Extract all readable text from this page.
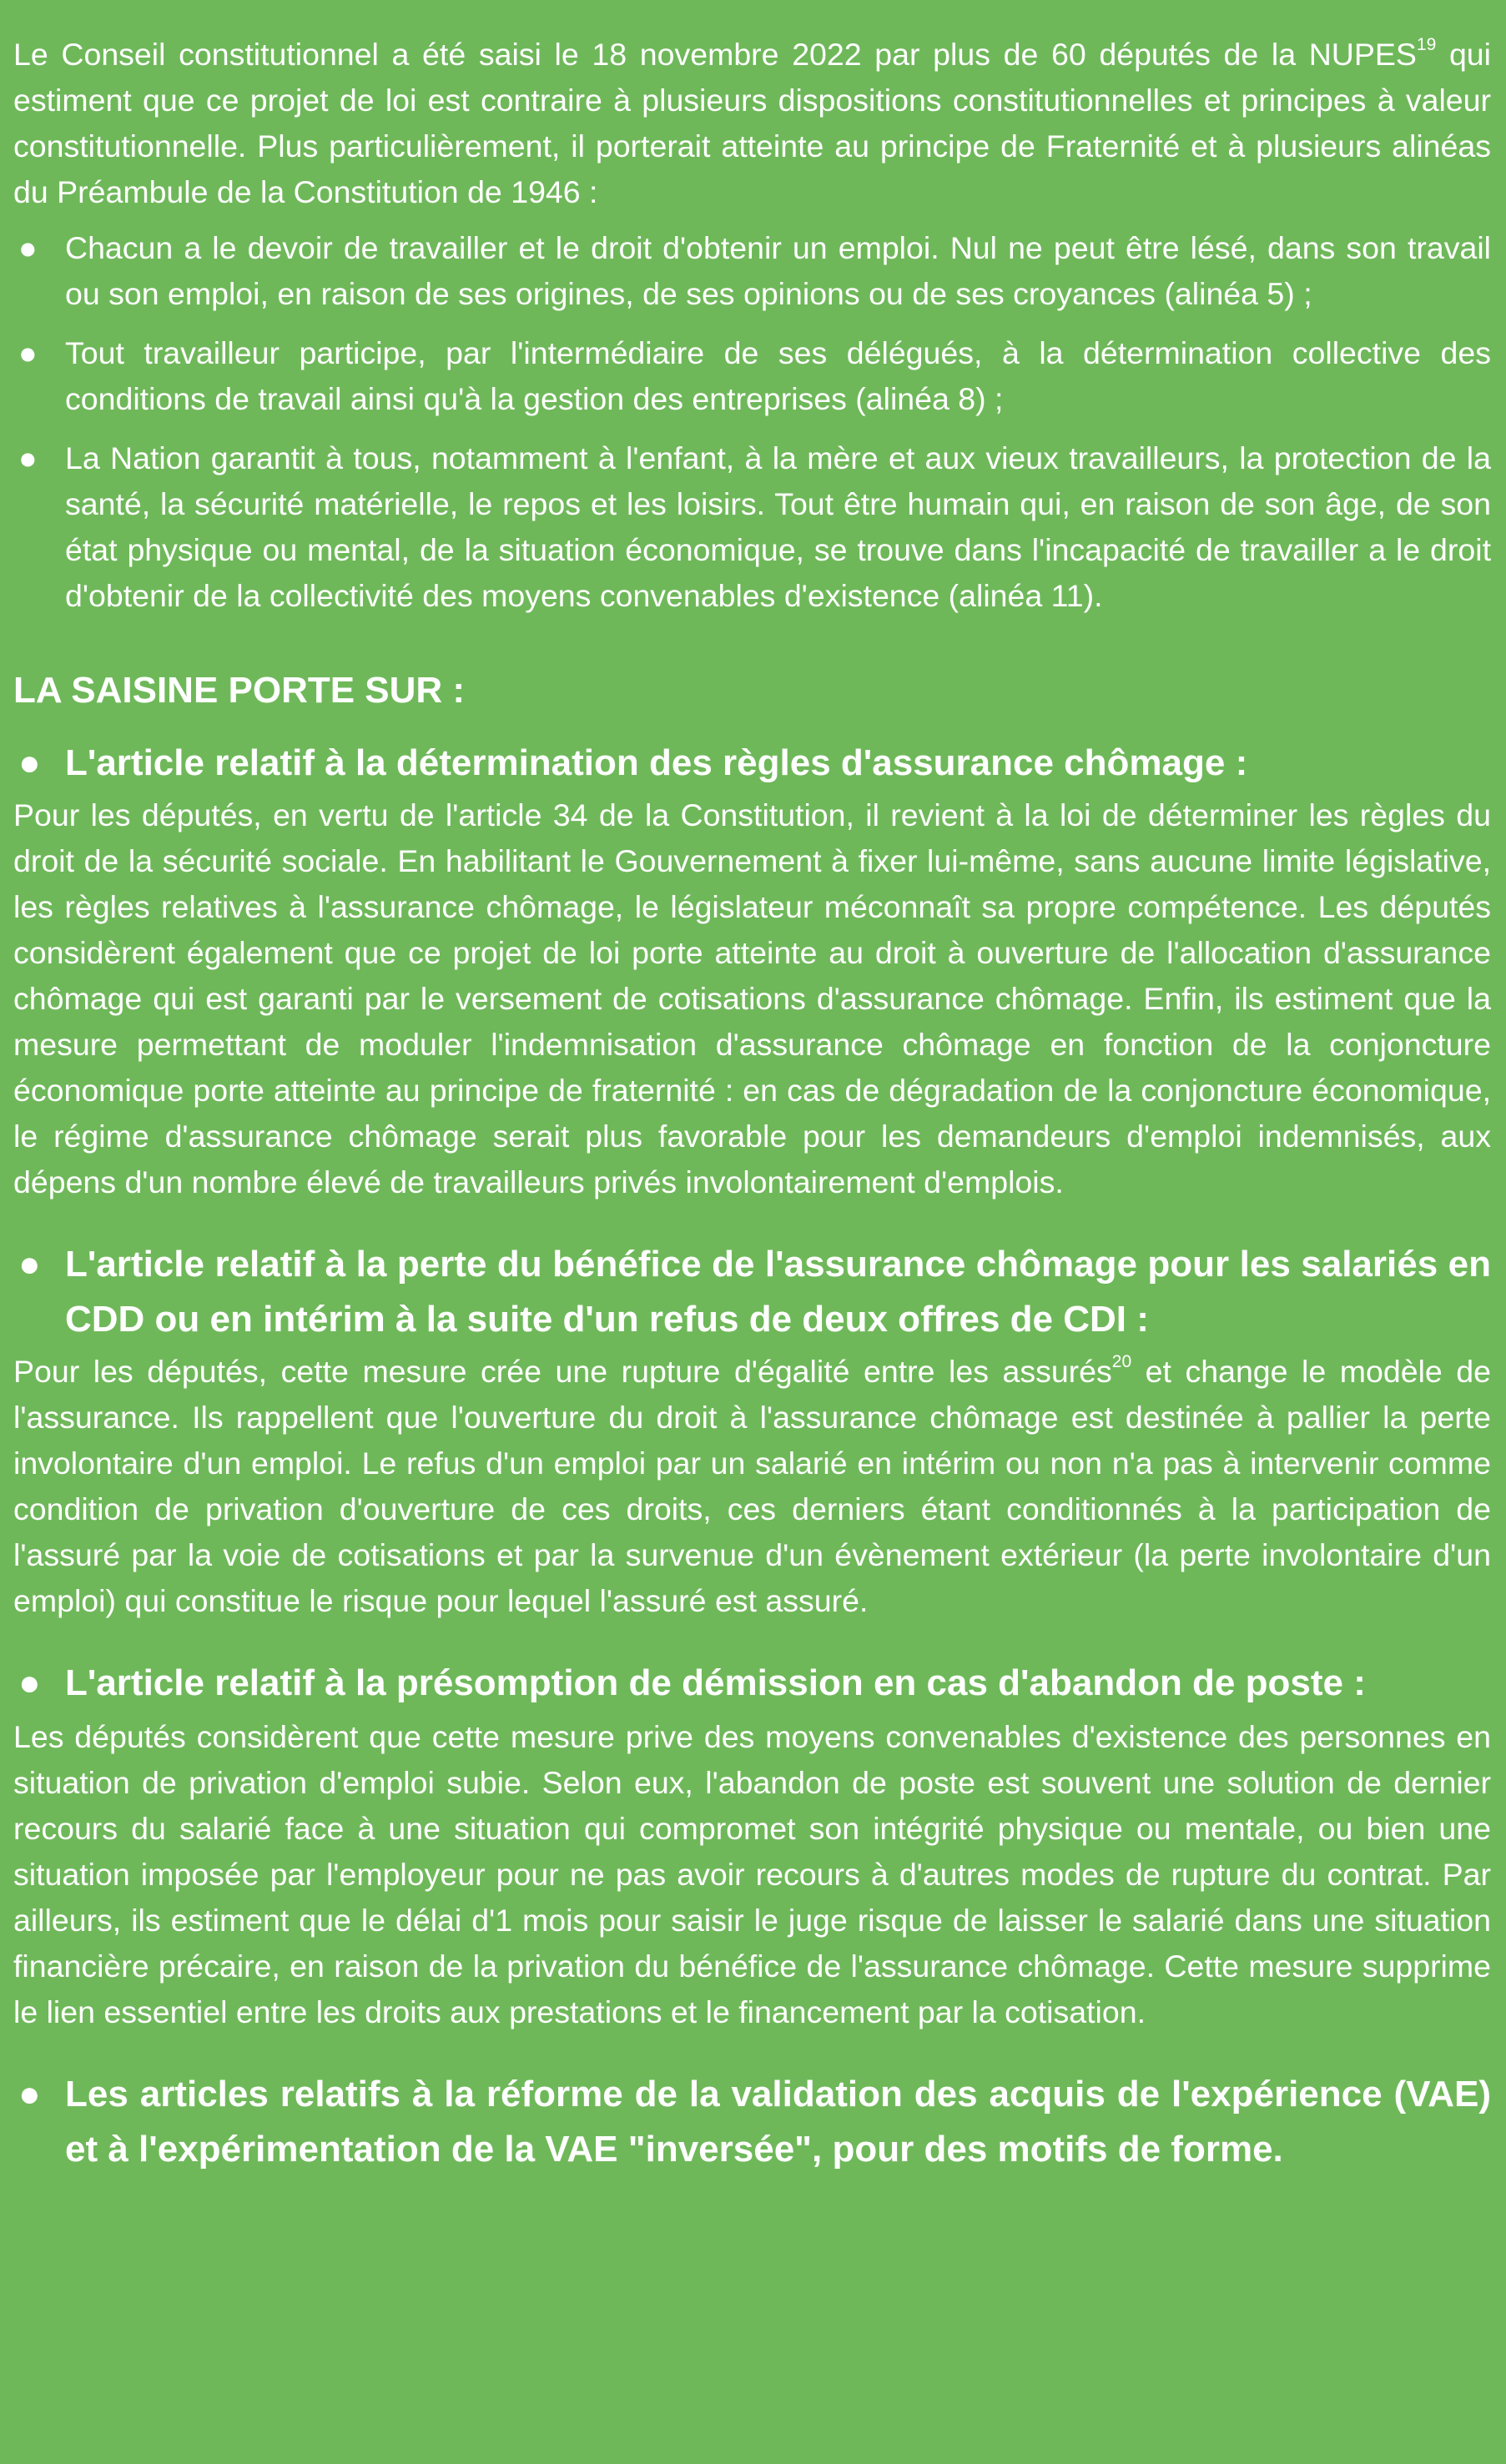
Le Conseil constitutionnel a été saisi le 18 novembre 2022 par plus de 60 députés de la NUPES$^{19}$ qui estiment que ce projet de loi est contraire à plusieurs dispositions constitutionnelles et principes à valeur constitutionnelle. Plus particulièrement, il porterait atteinte au principe de Fraternité et à plusieurs alinéas du Préambule de la Constitution de 1946 :

● Chacun a le devoir de travailler et le droit d'obtenir un emploi. Nul ne peut être lésé, dans son travail ou son emploi, en raison de ses origines, de ses opinions ou de ses croyances (alinéa 5) ;

● Tout travailleur participe, par l'intermédiaire de ses délégués, à la détermination collective des conditions de travail ainsi qu'à la gestion des entreprises (alinéa 8) ;

● La Nation garantit à tous, notamment à l'enfant, à la mère et aux vieux travailleurs, la protection de la santé, la sécurité matérielle, le repos et les loisirs. Tout être humain qui, en raison de son âge, de son état physique ou mental, de la situation économique, se trouve dans l'incapacité de travailler a le droit d'obtenir de la collectivité des moyens convenables d'existence (alinéa 11).

LA SAISINE PORTE SUR :
● L'article relatif à la détermination des règles d'assurance chômage :

Pour les députés, en vertu de l'article 34 de la Constitution, il revient à la loi de déterminer les règles du droit de la sécurité sociale. En habilitant le Gouvernement à fixer lui-même, sans aucune limite législative, les règles relatives à l'assurance chômage, le législateur méconnaît sa propre compétence. Les députés considèrent également que ce projet de loi porte atteinte au droit à ouverture de l'allocation d'assurance chômage qui est garanti par le versement de cotisations d'assurance chômage. Enfin, ils estiment que la mesure permettant de moduler l'indemnisation d'assurance chômage en fonction de la conjoncture économique porte atteinte au principe de fraternité : en cas de dégradation de la conjoncture économique, le régime d'assurance chômage serait plus favorable pour les demandeurs d'emploi indemnisés, aux dépens d'un nombre élevé de travailleurs privés involontairement d'emplois.

● L'article relatif à la perte du bénéfice de l'assurance chômage pour les salariés en CDD ou en intérim à la suite d'un refus de deux offres de CDI :

Pour les députés, cette mesure crée une rupture d'égalité entre les assurés$^{20}$ et change le modèle de l'assurance. Ils rappellent que l'ouverture du droit à l'assurance chômage est destinée à pallier la perte involontaire d'un emploi. Le refus d'un emploi par un salarié en intérim ou non n'a pas à intervenir comme condition de privation d'ouverture de ces droits, ces derniers étant conditionnés à la participation de l'assuré par la voie de cotisations et par la survenue d'un évènement extérieur (la perte involontaire d'un emploi) qui constitue le risque pour lequel l'assuré est assuré.

● L'article relatif à la présomption de démission en cas d'abandon de poste :

Les députés considèrent que cette mesure prive des moyens convenables d'existence des personnes en situation de privation d'emploi subie. Selon eux, l'abandon de poste est souvent une solution de dernier recours du salarié face à une situation qui compromet son intégrité physique ou mentale, ou bien une situation imposée par l'employeur pour ne pas avoir recours à d'autres modes de rupture du contrat. Par ailleurs, ils estiment que le délai d'1 mois pour saisir le juge risque de laisser le salarié dans une situation financière précaire, en raison de la privation du bénéfice de l'assurance chômage. Cette mesure supprime le lien essentiel entre les droits aux prestations et le financement par la cotisation.

● Les articles relatifs à la réforme de la validation des acquis de l'expérience (VAE) et à l'expérimentation de la VAE "inversée", pour des motifs de forme.
